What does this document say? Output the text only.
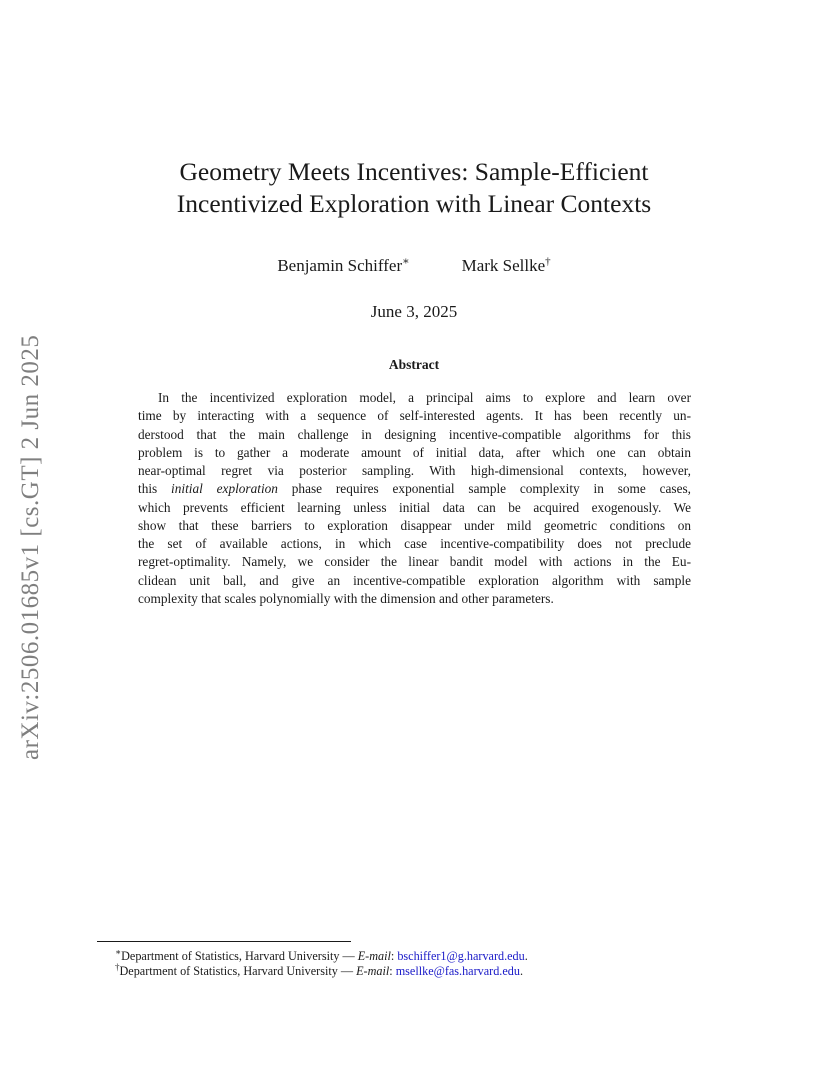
arXiv:2506.01685v1 [cs.GT] 2 Jun 2025
Geometry Meets Incentives: Sample-Efficient
Incentivized Exploration with Linear Contexts
Benjamin Schiffer∗	Mark Sellke†
June 3, 2025
Abstract
In the incentivized exploration model, a principal aims to explore and learn over
time by interacting with a sequence of self-interested agents. It has been recently un-
derstood that the main challenge in designing incentive-compatible algorithms for this
problem is to gather a moderate amount of initial data, after which one can obtain
near-optimal regret via posterior sampling. With high-dimensional contexts, however,
this initial exploration phase requires exponential sample complexity in some cases,
which prevents efficient learning unless initial data can be acquired exogenously. We
show that these barriers to exploration disappear under mild geometric conditions on
the set of available actions, in which case incentive-compatibility does not preclude
regret-optimality. Namely, we consider the linear bandit model with actions in the Eu-
clidean unit ball, and give an incentive-compatible exploration algorithm with sample
complexity that scales polynomially with the dimension and other parameters.
∗Department of Statistics, Harvard University — E-mail: bschiffer1@g.harvard.edu.
†Department of Statistics, Harvard University — E-mail: msellke@fas.harvard.edu.
